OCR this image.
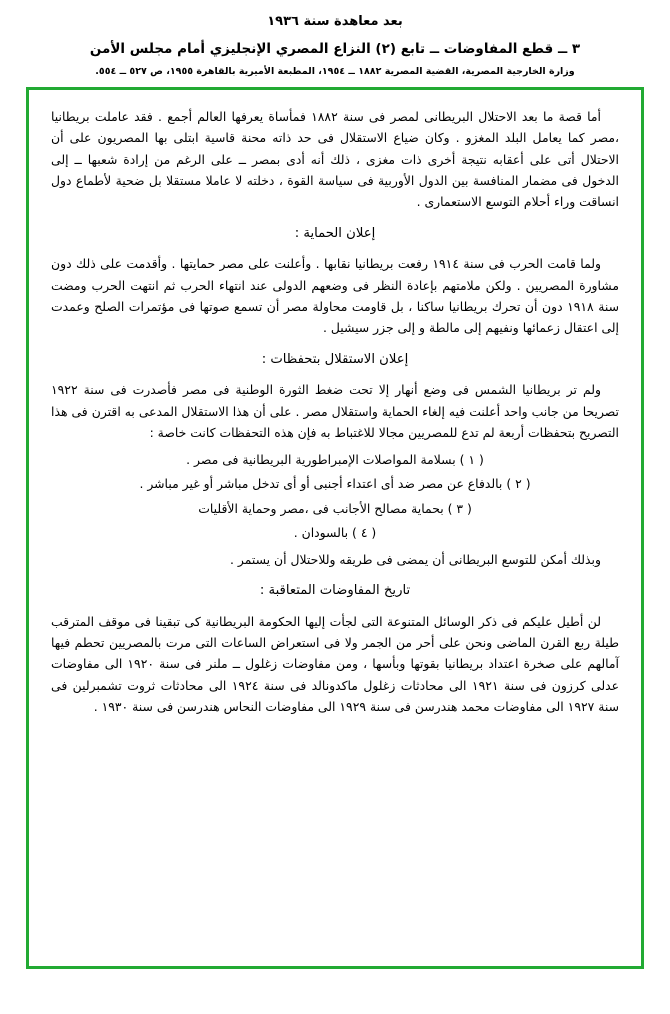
بعد معاهدة سنة ١٩٣٦
٣ ــ قطع المفاوضات ــ تابع (٢) النزاع المصري الإنجليزي أمام مجلس الأمن
وزارة الخارجية المصرية، القضية المصرية ١٨٨٢ ــ ١٩٥٤، المطبعة الأميرية بالقاهرة ١٩٥٥، ص ٥٢٧ ــ ٥٥٤.

أما قصة ما بعد الاحتلال البريطانى لمصر فى سنة ١٨٨٢ فمأساة يعرفها العالم أجمع . فقد عاملت بريطانيا ،مصر كما يعامل البلد المغزو . وكان ضياع الاستقلال فى حد ذاته محنة قاسية ابتلى بها المصريون على أن الاحتلال أتى على أعقابه نتيجة أخرى ذات مغزى ، ذلك أنه أدى بمصر ــ على الرغم من إرادة شعبها ــ إلى الدخول فى مضمار المنافسة بين الدول الأوربية فى سياسة القوة ، دخلته لا عاملا مستقلا بل ضحية لأطماع دول انساقت وراء أحلام التوسع الاستعمارى .

إعلان الحماية :

ولما قامت الحرب فى سنة ١٩١٤ رفعت بريطانيا نقابها . وأعلنت على مصر حمايتها . وأقدمت على ذلك دون مشاورة المصريين . ولكن ملامتهم بإعادة النظر فى وضعهم الدولى عند انتهاء الحرب ثم انتهت الحرب ومضت سنة ١٩١٨ دون أن تحرك بريطانيا ساكنا ، بل قاومت محاولة مصر أن تسمع صوتها فى مؤتمرات الصلح وعمدت إلى اعتقال زعمائها ونفيهم إلى مالطة و إلى جزر سيشيل .

إعلان الاستقلال بتحفظات :

ولم تر بريطانيا الشمس فى وضع أنهار إلا تحت ضغط الثورة الوطنية فى مصر فأصدرت فى سنة ١٩٢٢ تصريحا من جانب واحد أعلنت فيه إلغاء الحماية واستقلال مصر . على أن هذا الاستقلال المدعى به اقترن فى هذا التصريح بتحفظات أربعة لم تدع للمصريين مجالا للاغتباط به فإن هذه التحفظات كانت خاصة :

( ١ ) بسلامة المواصلات الإمبراطورية البريطانية فى مصر .

( ٢ ) بالدفاع عن مصر ضد أى اعتداء أجنبى أو أى تدخل مباشر أو غير مباشر .

( ٣ ) بحماية مصالح الأجانب فى ،مصر وحماية الأقليات

( ٤ ) بالسودان .

وبذلك أمكن للتوسع البريطانى أن يمضى فى طريقه وللاحتلال أن يستمر .

تاريخ المفاوضات المتعاقبة :

لن أطيل عليكم فى ذكر الوسائل المتنوعة التى لجأت إليها الحكومة البريطانية كى تبقينا فى موقف المترقب طيلة ربع القرن الماضى ونحن على أحر من الجمر ولا فى استعراض الساعات التى مرت بالمصريين تحطم فيها آمالهم على صخرة اعتداد بريطانيا بقوتها وبأسها ، ومن مفاوضات زغلول ــ ملنر فى سنة ١٩٢٠ الى مفاوضات عدلى كرزون فى سنة ١٩٢١ الى محادثات زغلول ماكدونالد فى سنة ١٩٢٤ الى محادثات ثروت تشمبرلين فى سنة ١٩٢٧ الى مفاوضات محمد هندرسن فى سنة ١٩٢٩ الى مفاوضات النحاس هندرسن فى سنة ١٩٣٠ .
